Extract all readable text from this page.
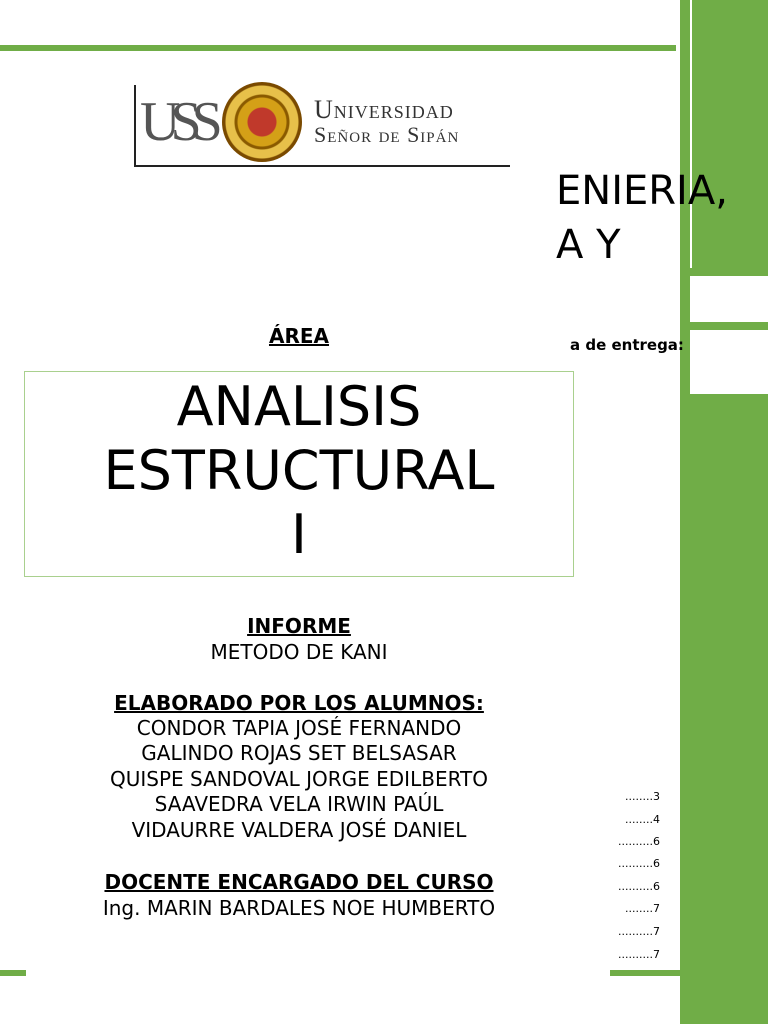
ENIERIA,
A Y
a de entrega:
USS	Universidad
Señor de Sipán
ÁREA
ANALISIS
ESTRUCTURAL
I
INFORME
METODO DE KANI
ELABORADO POR LOS ALUMNOS:
CONDOR TAPIA JOSÉ FERNANDO
GALINDO ROJAS SET BELSASAR
QUISPE SANDOVAL JORGE EDILBERTO
SAAVEDRA VELA IRWIN PAÚL
VIDAURRE VALDERA JOSÉ DANIEL
DOCENTE ENCARGADO DEL CURSO
Ing. MARIN BARDALES NOE HUMBERTO
........3
........4
..........6
..........6
..........6
........7
..........7
..........7
